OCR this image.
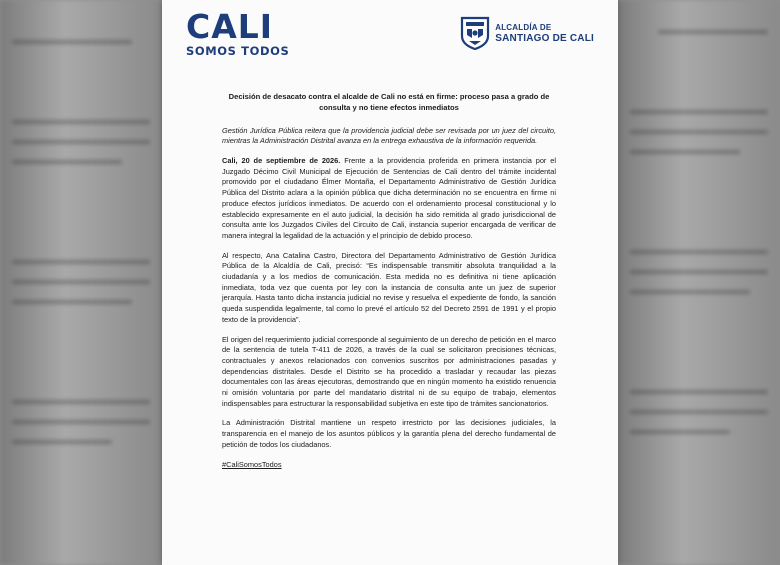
CALI
SOMOS TODOS
ALCALDÍA DE
SANTIAGO DE CALI

Decisión de desacato contra el alcalde de Cali no está en firme: proceso pasa a grado de consulta y no tiene efectos inmediatos

Gestión Jurídica Pública reitera que la providencia judicial debe ser revisada por un juez del circuito, mientras la Administración Distrital avanza en la entrega exhaustiva de la información requerida.

Cali, 20 de septiembre de 2026. Frente a la providencia proferida en primera instancia por el Juzgado Décimo Civil Municipal de Ejecución de Sentencias de Cali dentro del trámite incidental promovido por el ciudadano Élmer Montaña, el Departamento Administrativo de Gestión Jurídica Pública del Distrito aclara a la opinión pública que dicha determinación no se encuentra en firme ni produce efectos jurídicos inmediatos. De acuerdo con el ordenamiento procesal constitucional y lo establecido expresamente en el auto judicial, la decisión ha sido remitida al grado jurisdiccional de consulta ante los Juzgados Civiles del Circuito de Cali, instancia superior encargada de verificar de manera integral la legalidad de la actuación y el principio de debido proceso.

Al respecto, Ana Catalina Castro, Directora del Departamento Administrativo de Gestión Jurídica Pública de la Alcaldía de Cali, precisó: “Es indispensable transmitir absoluta tranquilidad a la ciudadanía y a los medios de comunicación. Esta medida no es definitiva ni tiene aplicación inmediata, toda vez que cuenta por ley con la instancia de consulta ante un juez de superior jerarquía. Hasta tanto dicha instancia judicial no revise y resuelva el expediente de fondo, la sanción queda suspendida legalmente, tal como lo prevé el artículo 52 del Decreto 2591 de 1991 y el propio texto de la providencia”.

El origen del requerimiento judicial corresponde al seguimiento de un derecho de petición en el marco de la sentencia de tutela T-411 de 2026, a través de la cual se solicitaron precisiones técnicas, contractuales y anexos relacionados con convenios suscritos por administraciones pasadas y dependencias distritales. Desde el Distrito se ha procedido a trasladar y recaudar las piezas documentales con las áreas ejecutoras, demostrando que en ningún momento ha existido renuencia ni omisión voluntaria por parte del mandatario distrital ni de su equipo de trabajo, elementos indispensables para estructurar la responsabilidad subjetiva en este tipo de trámites sancionatorios.

La Administración Distrital mantiene un respeto irrestricto por las decisiones judiciales, la transparencia en el manejo de los asuntos públicos y la garantía plena del derecho fundamental de petición de todos los ciudadanos.

#CaliSomosTodos
